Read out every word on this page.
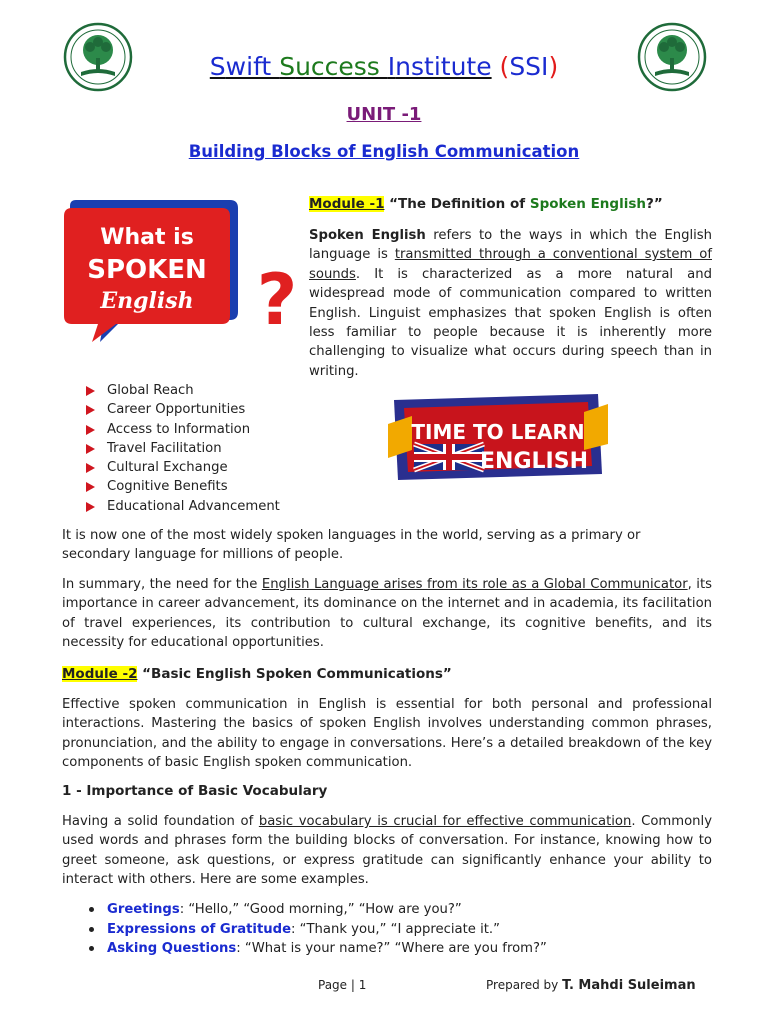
Swift Success Institute (SSI)
UNIT -1
Building Blocks of English Communication
What is
SPOKEN
English ?
Module -1 “The Definition of Spoken English?”
Spoken English refers to the ways in which the English language is transmitted through a conventional system of sounds. It is characterized as a more natural and widespread mode of communication compared to written English. Linguist emphasizes that spoken English is often less familiar to people because it is inherently more challenging to visualize what occurs during speech than in writing.
Global Reach
Career Opportunities
Access to Information
Travel Facilitation
Cultural Exchange
Cognitive Benefits
Educational Advancement
TIME TO LEARN
ENGLISH
It is now one of the most widely spoken languages in the world, serving as a primary or secondary language for millions of people.
In summary, the need for the English Language arises from its role as a Global Communicator, its importance in career advancement, its dominance on the internet and in academia, its facilitation of travel experiences, its contribution to cultural exchange, its cognitive benefits, and its necessity for educational opportunities.
Module -2 “Basic English Spoken Communications”
Effective spoken communication in English is essential for both personal and professional interactions. Mastering the basics of spoken English involves understanding common phrases, pronunciation, and the ability to engage in conversations. Here’s a detailed breakdown of the key components of basic English spoken communication.
1 - Importance of Basic Vocabulary
Having a solid foundation of basic vocabulary is crucial for effective communication. Commonly used words and phrases form the building blocks of conversation. For instance, knowing how to greet someone, ask questions, or express gratitude can significantly enhance your ability to interact with others. Here are some examples.
Greetings: “Hello,” “Good morning,” “How are you?”
Expressions of Gratitude: “Thank you,” “I appreciate it.”
Asking Questions: “What is your name?” “Where are you from?”
Page | 1	Prepared by T. Mahdi Suleiman
